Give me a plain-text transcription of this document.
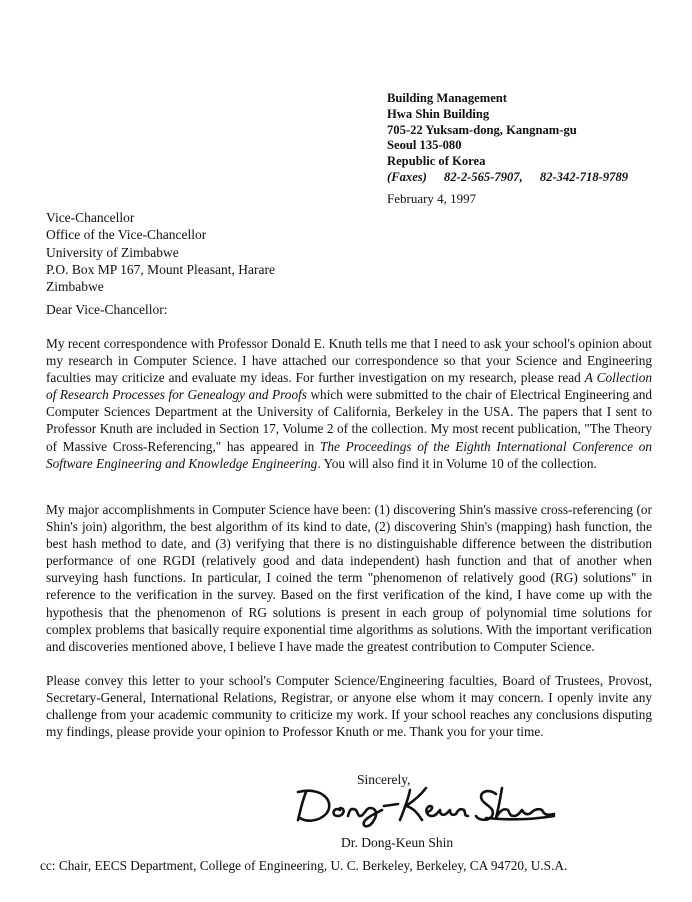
Building Management
Hwa Shin Building
705-22 Yuksam-dong, Kangnam-gu
Seoul 135-080
Republic of Korea
(Faxes) 82-2-565-7907, 82-342-718-9789
February 4, 1997
Vice-Chancellor
Office of the Vice-Chancellor
University of Zimbabwe
P.O. Box MP 167, Mount Pleasant, Harare
Zimbabwe
Dear Vice-Chancellor:

My recent correspondence with Professor Donald E. Knuth tells me that I need to ask your school's opinion about my research in Computer Science. I have attached our correspondence so that your Science and Engineering faculties may criticize and evaluate my ideas. For further investigation on my research, please read A Collection of Research Processes for Genealogy and Proofs which were submitted to the chair of Electrical Engineering and Computer Sciences Department at the University of California, Berkeley in the USA. The papers that I sent to Professor Knuth are included in Section 17, Volume 2 of the collection. My most recent publication, "The Theory of Massive Cross-Referencing," has appeared in The Proceedings of the Eighth International Conference on Software Engineering and Knowledge Engineering. You will also find it in Volume 10 of the collection.

My major accomplishments in Computer Science have been: (1) discovering Shin's massive cross-referencing (or Shin's join) algorithm, the best algorithm of its kind to date, (2) discovering Shin's (mapping) hash function, the best hash method to date, and (3) verifying that there is no distinguishable difference between the distribution performance of one RGDI (relatively good and data independent) hash function and that of another when surveying hash functions. In particular, I coined the term "phenomenon of relatively good (RG) solutions" in reference to the verification in the survey. Based on the first verification of the kind, I have come up with the hypothesis that the phenomenon of RG solutions is present in each group of polynomial time solutions for complex problems that basically require exponential time algorithms as solutions. With the important verification and discoveries mentioned above, I believe I have made the greatest contribution to Computer Science.

Please convey this letter to your school's Computer Science/Engineering faculties, Board of Trustees, Provost, Secretary-General, International Relations, Registrar, or anyone else whom it may concern. I openly invite any challenge from your academic community to criticize my work. If your school reaches any conclusions disputing my findings, please provide your opinion to Professor Knuth or me. Thank you for your time.

Sincerely,
Dr. Dong-Keun Shin
cc: Chair, EECS Department, College of Engineering, U. C. Berkeley, Berkeley, CA 94720, U.S.A.
